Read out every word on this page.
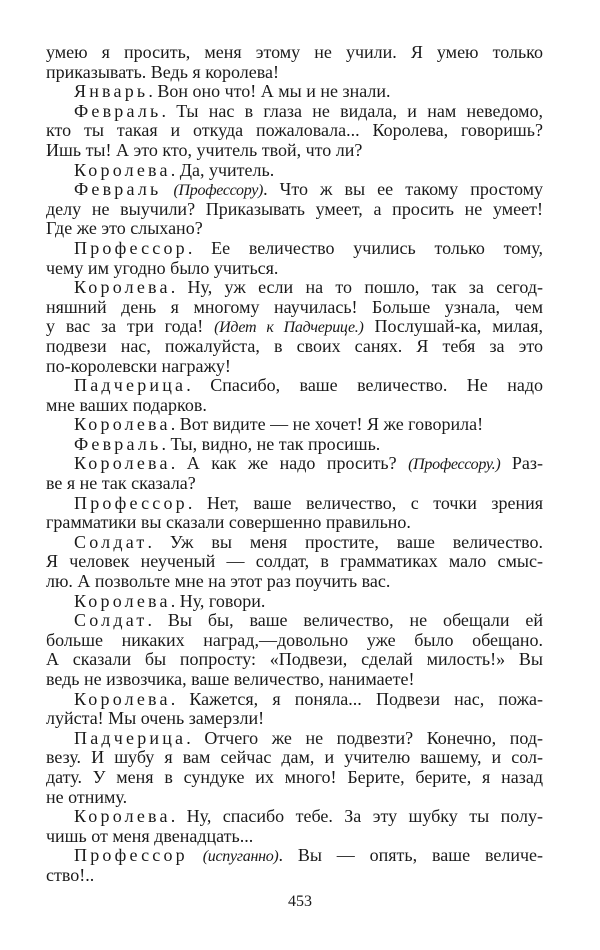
умею я просить, меня этому не учили. Я умею только
приказывать. Ведь я королева!
Январь. Вон оно что! А мы и не знали.
Февраль. Ты нас в глаза не видала, и нам неведомо,
кто ты такая и откуда пожаловала... Королева, говоришь?
Ишь ты! А это кто, учитель твой, что ли?
Королева. Да, учитель.
Февраль (Профессору). Что ж вы ее такому простому
делу не выучили? Приказывать умеет, а просить не умеет!
Где же это слыхано?
Профессор. Ее величество учились только тому,
чему им угодно было учиться.
Королева. Ну, уж если на то пошло, так за сегод-
няшний день я многому научилась! Больше узнала, чем
у вас за три года! (Идет к Падчерице.) Послушай-ка, милая,
подвези нас, пожалуйста, в своих санях. Я тебя за это
по-королевски награжу!
Падчерица. Спасибо, ваше величество. Не надо
мне ваших подарков.
Королева. Вот видите — не хочет! Я же говорила!
Февраль. Ты, видно, не так просишь.
Королева. А как же надо просить? (Профессору.) Раз-
ве я не так сказала?
Профессор. Нет, ваше величество, с точки зрения
грамматики вы сказали совершенно правильно.
Солдат. Уж вы меня простите, ваше величество.
Я человек неученый — солдат, в грамматиках мало смыс-
лю. А позвольте мне на этот раз поучить вас.
Королева. Ну, говори.
Солдат. Вы бы, ваше величество, не обещали ей
больше никаких наград,—довольно уже было обещано.
А сказали бы попросту: «Подвези, сделай милость!» Вы
ведь не извозчика, ваше величество, нанимаете!
Королева. Кажется, я поняла... Подвези нас, пожа-
луйста! Мы очень замерзли!
Падчерица. Отчего же не подвезти? Конечно, под-
везу. И шубу я вам сейчас дам, и учителю вашему, и сол-
дату. У меня в сундуке их много! Берите, берите, я назад
не отниму.
Королева. Ну, спасибо тебе. За эту шубку ты полу-
чишь от меня двенадцать...
Профессор (испуганно). Вы — опять, ваше величе-
ство!..
453
